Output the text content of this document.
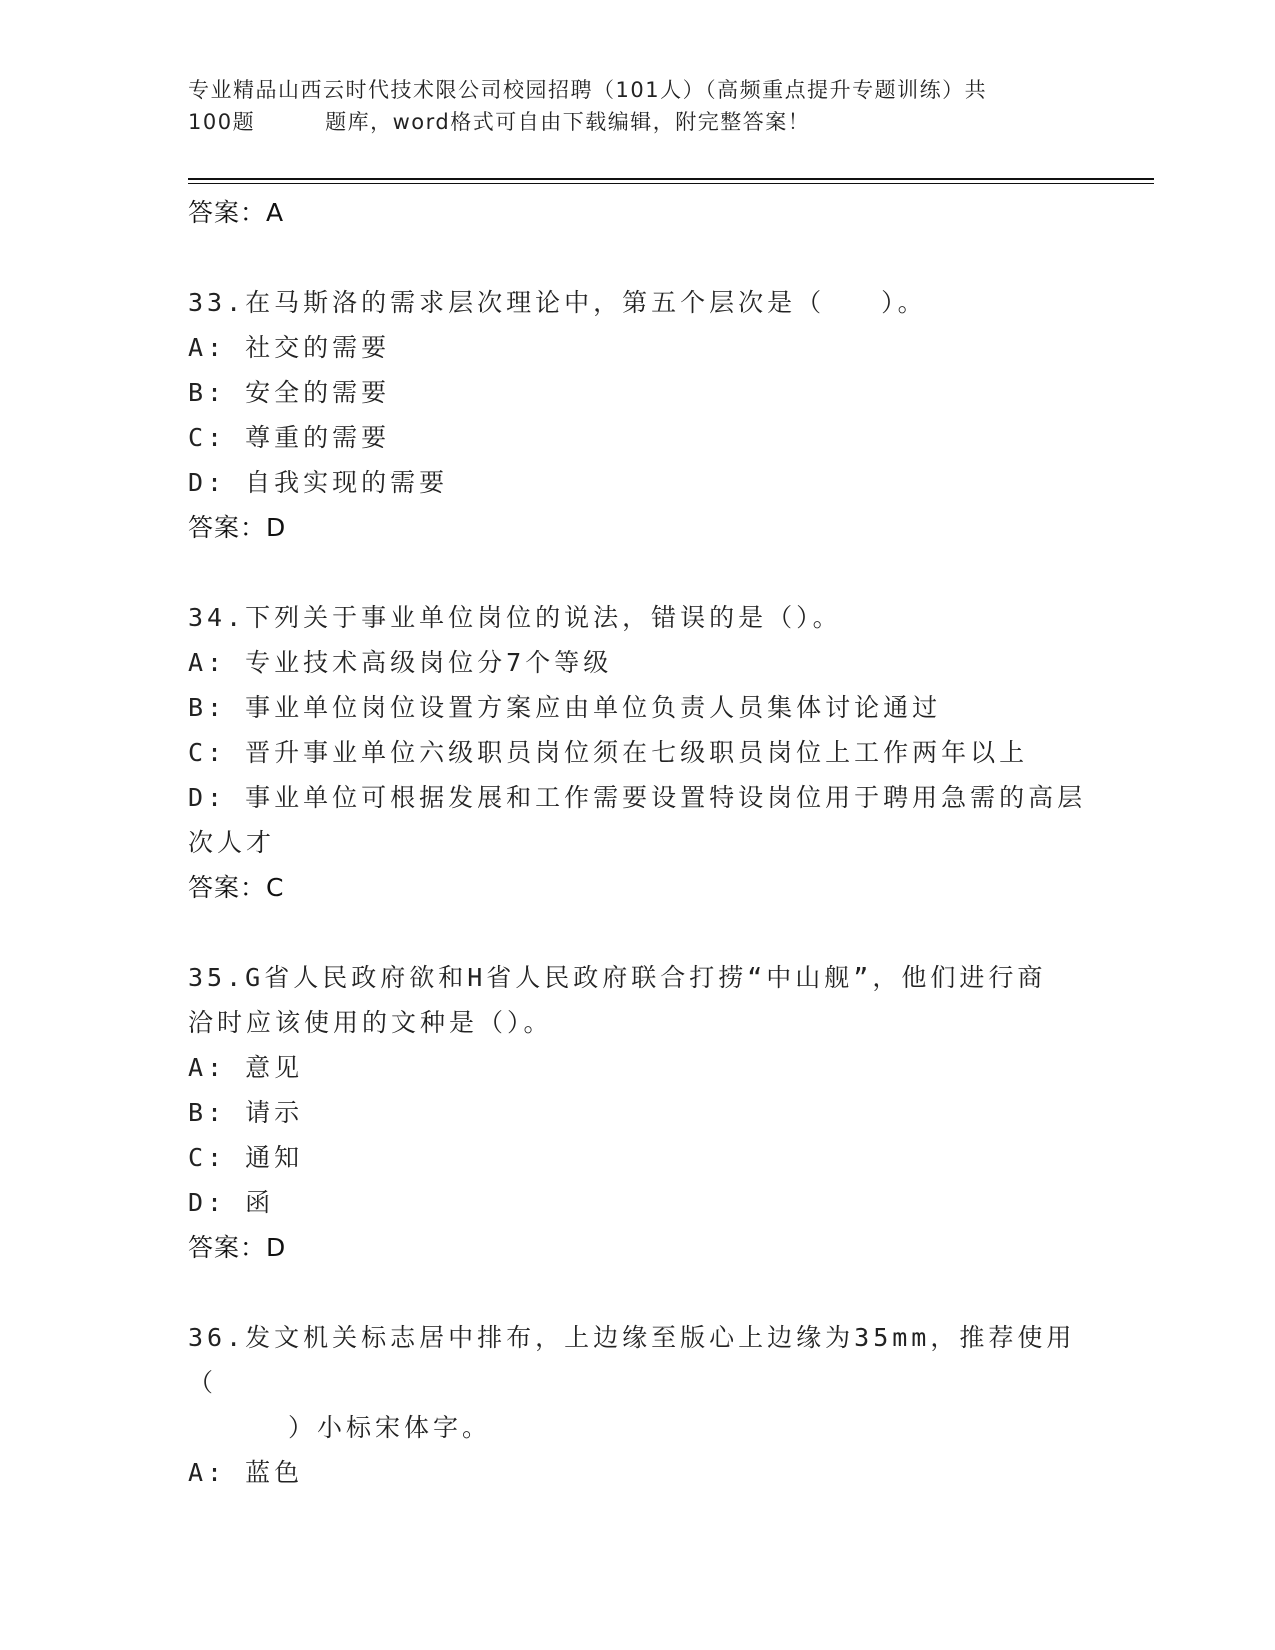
专业精品山西云时代技术限公司校园招聘（101人）（高频重点提升专题训练）共
100题	题库，word格式可自由下载编辑，附完整答案！
答案：A
33.在马斯洛的需求层次理论中，第五个层次是（ ）。
A: 社交的需要
B: 安全的需要
C: 尊重的需要
D: 自我实现的需要
答案：D
34.下列关于事业单位岗位的说法，错误的是（）。
A: 专业技术高级岗位分7个等级
B: 事业单位岗位设置方案应由单位负责人员集体讨论通过
C: 晋升事业单位六级职员岗位须在七级职员岗位上工作两年以上
D: 事业单位可根据发展和工作需要设置特设岗位用于聘用急需的高层
次人才
答案：C
35.G省人民政府欲和H省人民政府联合打捞“中山舰”，他们进行商
洽时应该使用的文种是（）。
A: 意见
B: 请示
C: 通知
D: 函
答案：D
36.发文机关标志居中排布，上边缘至版心上边缘为35mm，推荐使用（
）小标宋体字。
A: 蓝色
